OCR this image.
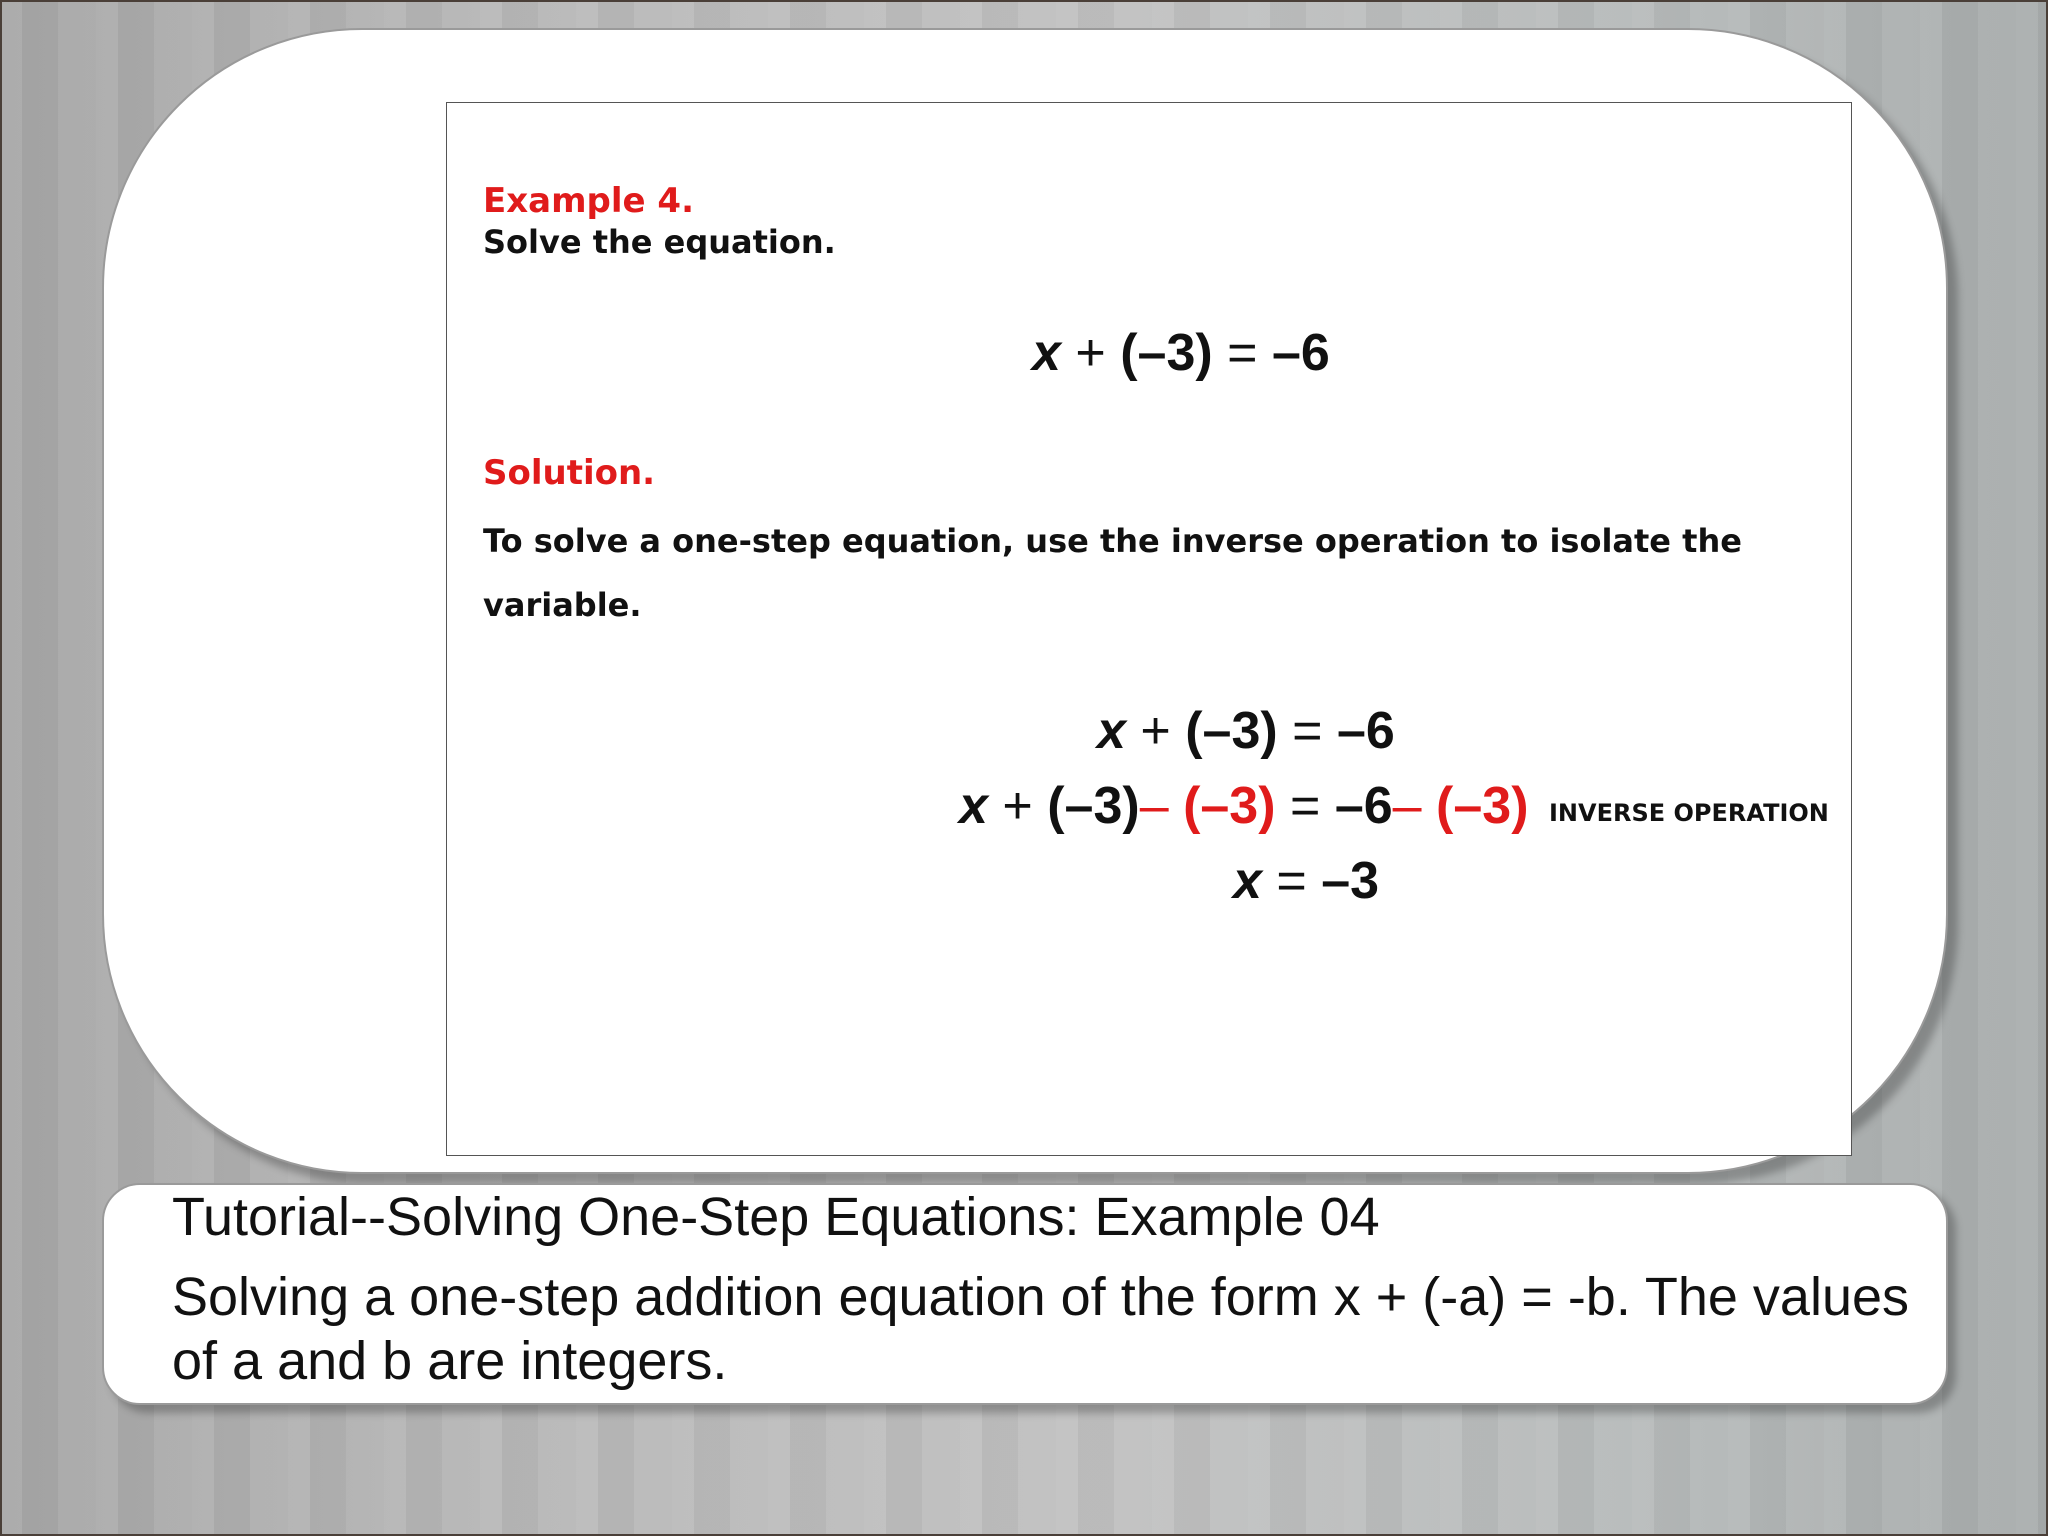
Example 4.

Solve the equation.

x + (–3) = –6

Solution.

To solve a one-step equation, use the inverse operation to isolate the variable.

x + (–3) = –6
x + (–3)– (–3) = –6– (–3) INVERSE OPERATION
x = –3

Tutorial--Solving One-Step Equations: Example 04

Solving a one-step addition equation of the form x + (-a) = -b. The values of a and b are integers.
